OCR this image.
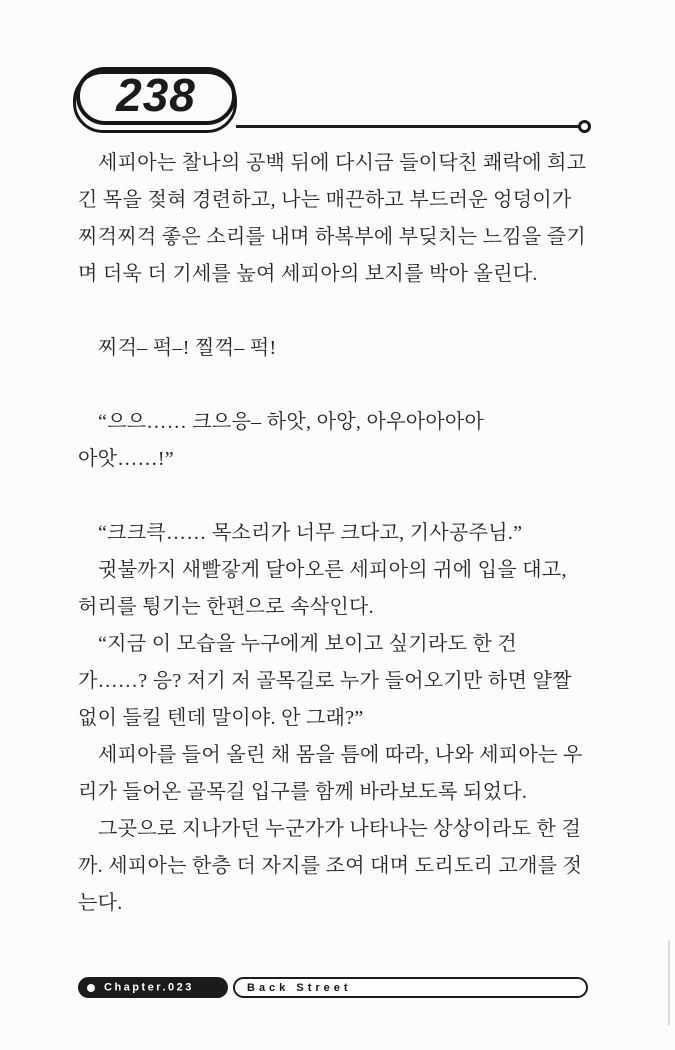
238
세피아는 찰나의 공백 뒤에 다시금 들이닥친 쾌락에 희고
긴 목을 젖혀 경련하고, 나는 매끈하고 부드러운 엉덩이가
찌걱찌걱 좋은 소리를 내며 하복부에 부딪치는 느낌을 즐기
며 더욱 더 기세를 높여 세피아의 보지를 박아 올린다.
찌걱– 퍽–! 찔꺽– 퍽!
“으으…… 크으응– 하앗, 아앙, 아우아아아아
아앗……!”
“크크큭…… 목소리가 너무 크다고, 기사공주님.”
귓불까지 새빨갛게 달아오른 세피아의 귀에 입을 대고,
허리를 튕기는 한편으로 속삭인다.
“지금 이 모습을 누구에게 보이고 싶기라도 한 건
가……? 응? 저기 저 골목길로 누가 들어오기만 하면 얄짤
없이 들킬 텐데 말이야. 안 그래?”
세피아를 들어 올린 채 몸을 틈에 따라, 나와 세피아는 우
리가 들어온 골목길 입구를 함께 바라보도록 되었다.
그곳으로 지나가던 누군가가 나타나는 상상이라도 한 걸
까. 세피아는 한층 더 자지를 조여 대며 도리도리 고개를 젓
는다.
Chapter.023	Back Street
